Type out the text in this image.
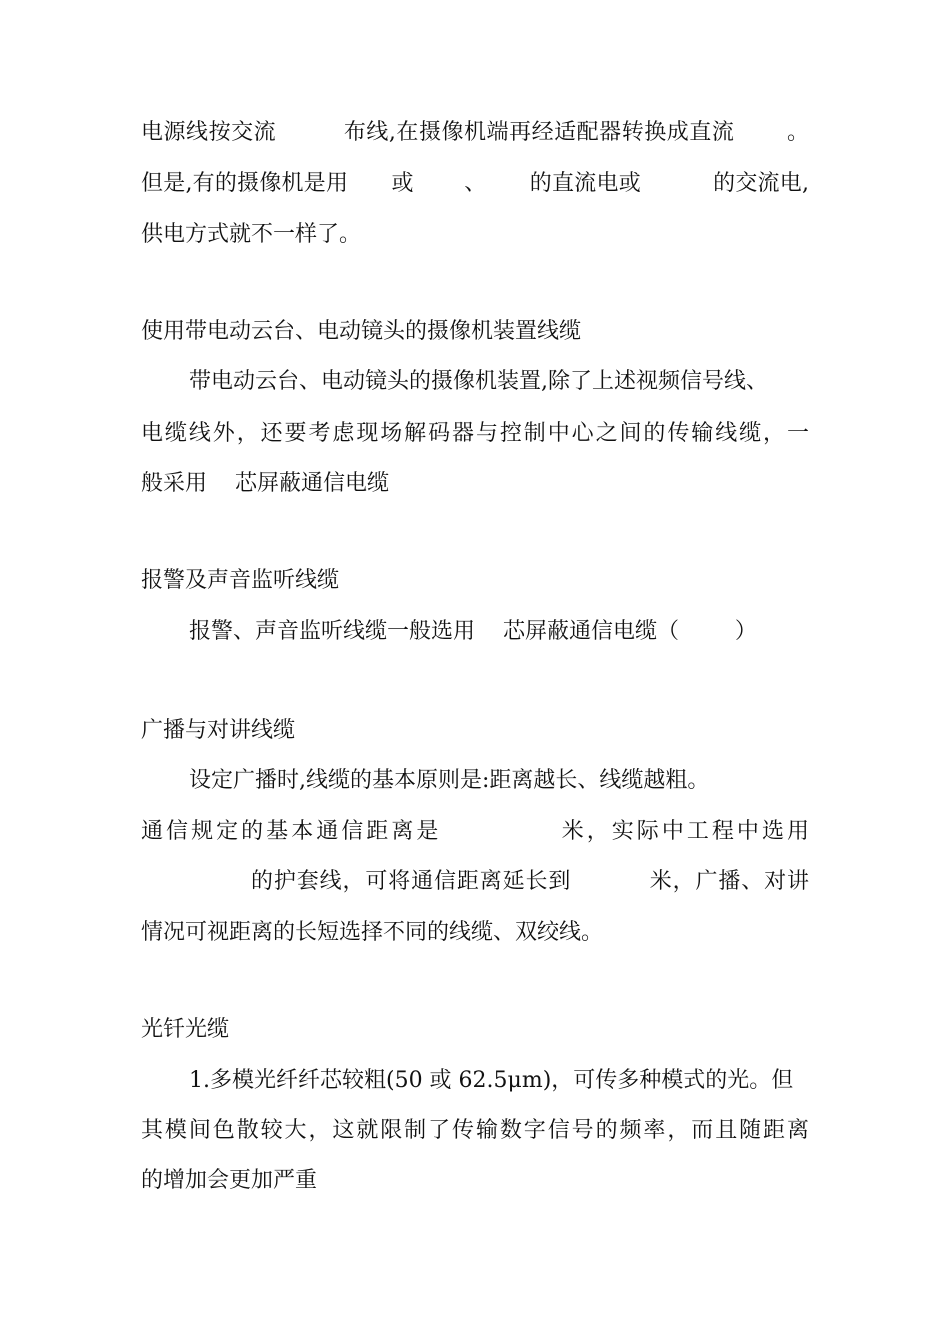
电源线按交流         布线,在摄像机端再经适配器转换成直流       。
但是,有的摄像机是用      或       、      的直流电或          的交流电,
供电方式就不一样了。
使用带电动云台、电动镜头的摄像机装置线缆
带电动云台、电动镜头的摄像机装置,除了上述视频信号线、
电缆线外，还要考虑现场解码器与控制中心之间的传输线缆，一
般采用    芯屏蔽通信电缆
报警及声音监听线缆
报警、声音监听线缆一般选用    芯屏蔽通信电缆（        ）
广播与对讲线缆
设定广播时,线缆的基本原则是:距离越长、线缆越粗。
通信规定的基本通信距离是            米，实际中工程中选用
的护套线，可将通信距离延长到          米，广播、对讲
情况可视距离的长短选择不同的线缆、双绞线。
光钎光缆
1.多模光纤纤芯较粗(50 或 62.5μm)，可传多种模式的光。但
其模间色散较大，这就限制了传输数字信号的频率，而且随距离
的增加会更加严重
